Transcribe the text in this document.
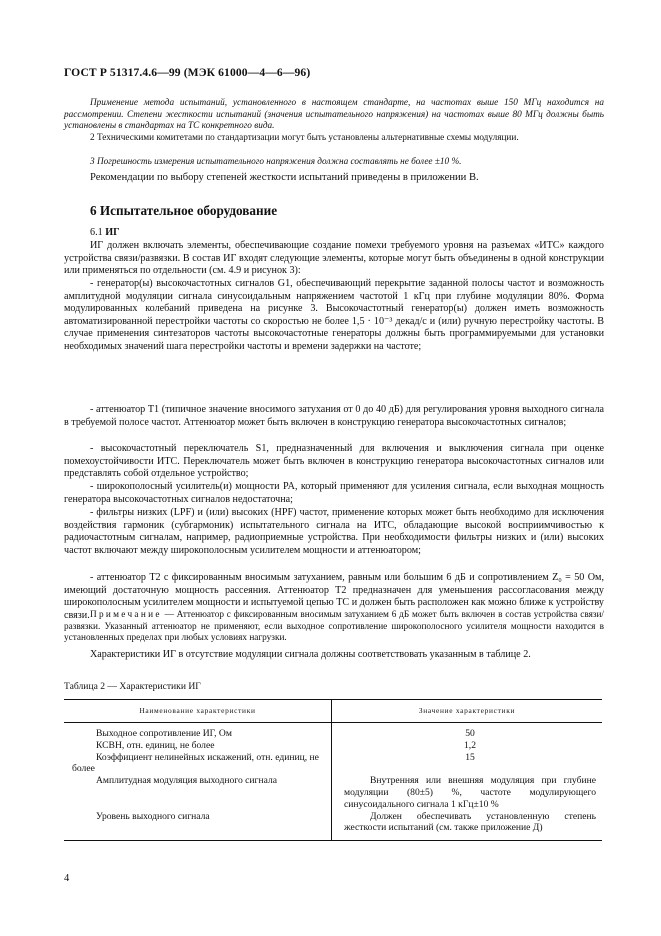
ГОСТ Р 51317.4.6—99 (МЭК 61000—4—6—96)
Применение метода испытаний, установленного в настоящем стандарте, на частотах выше 150 МГц находится на рассмотрении. Степени жесткости испытаний (значения испытательного напряжения) на частотах выше 80 МГц должны быть установлены в стандартах на ТС конкретного вида.
2 Техническими комитетами по стандартизации могут быть установлены альтернативные схемы модуляции.
3 Погрешность измерения испытательного напряжения должна составлять не более ±10 %.
Рекомендации по выбору степеней жесткости испытаний приведены в приложении В.
6 Испытательное оборудование
6.1 ИГ
ИГ должен включать элементы, обеспечивающие создание помехи требуемого уровня на разъемах «ИТС» каждого устройства связи/развязки. В состав ИГ входят следующие элементы, которые могут быть объединены в одной конструкции или применяться по отдельности (см. 4.9 и рисунок 3):
- генератор(ы) высокочастотных сигналов G1, обеспечивающий перекрытие заданной полосы частот и возможность амплитудной модуляции сигнала синусоидальным напряжением частотой 1 кГц при глубине модуляции 80%. Форма модулированных колебаний приведена на рисунке 3. Высокочастотный генератор(ы) должен иметь возможность автоматизированной перестройки частоты со скоростью не более 1,5 · 10⁻³ декад/с и (или) ручную перестройку частоты. В случае применения синтезаторов частоты высокочастотные генераторы должны быть программируемыми для установки необходимых значений шага перестройки частоты и времени задержки на частоте;
- аттенюатор T1 (типичное значение вносимого затухания от 0 до 40 дБ) для регулирования уровня выходного сигнала в требуемой полосе частот. Аттенюатор может быть включен в конструкцию генератора высокочастотных сигналов;
- высокочастотный переключатель S1, предназначенный для включения и выключения сигнала при оценке помехоустойчивости ИТС. Переключатель может быть включен в конструкцию генератора высокочастотных сигналов или представлять собой отдельное устройство;
- широкополосный усилитель(и) мощности PA, который применяют для усиления сигнала, если выходная мощность генератора высокочастотных сигналов недостаточна;
- фильтры низких (LPF) и (или) высоких (HPF) частот, применение которых может быть необходимо для исключения воздействия гармоник (субгармоник) испытательного сигнала на ИТС, обладающие высокой восприимчивостью к радиочастотным сигналам, например, радиоприемные устройства. При необходимости фильтры низких и (или) высоких частот включают между широкополосным усилителем мощности и аттенюатором;
- аттенюатор T2 с фиксированным вносимым затуханием, равным или большим 6 дБ и сопротивлением Z₀ = 50 Ом, имеющий достаточную мощность рассеяния. Аттенюатор T2 предназначен для уменьшения рассогласования между широкополосным усилителем мощности и испытуемой цепью ТС и должен быть расположен как можно ближе к устройству связи. Примечание — Аттенюатор с фиксированным вносимым затуханием 6 дБ может быть включен в состав устройства связи/развязки. Указанный аттенюатор не применяют, если выходное сопротивление широкополосного усилителя мощности находится в установленных пределах при любых условиях нагрузки.
Характеристики ИГ в отсутствие модуляции сигнала должны соответствовать указанным в таблице 2.
Таблица 2 — Характеристики ИГ
Наименование характеристики	Значение характеристики

Выходное сопротивление ИГ, Ом	50

КСВН, отн. единиц, не более	1,2

Коэффициент нелинейных искажений, отн. единиц, не более	15

Амплитудная модуляция выходного сигнала	Внутренняя или внешняя модуляция при глубине модуляции (80±5) %, частоте модулирующего синусоидального сигнала 1 кГц±10 %

Уровень выходного сигнала	Должен обеспечивать установленную степень жесткости испытаний (см. также приложение Д)
4
